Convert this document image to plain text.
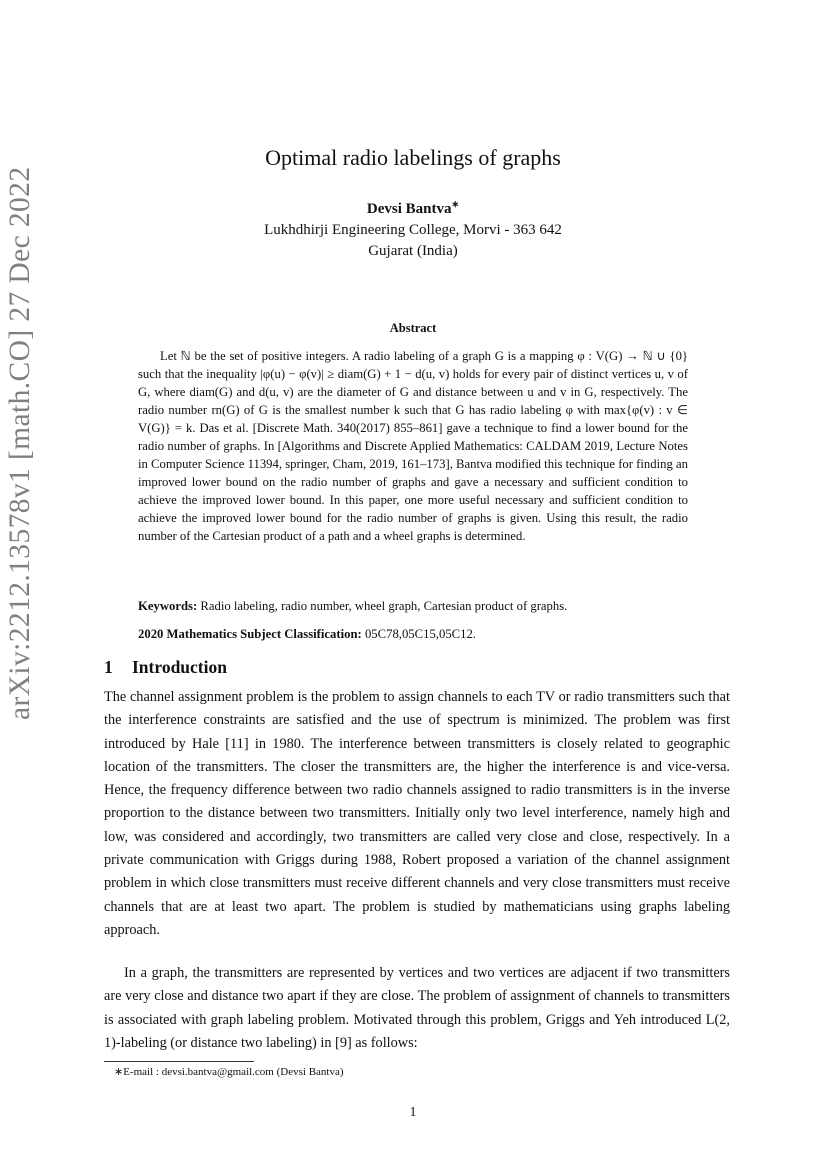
arXiv:2212.13578v1 [math.CO] 27 Dec 2022
Optimal radio labelings of graphs
Devsi Bantva∗
Lukhdhirji Engineering College, Morvi - 363 642
Gujarat (India)
Abstract
Let ℕ be the set of positive integers. A radio labeling of a graph G is a mapping φ : V(G) → ℕ ∪ {0} such that the inequality |φ(u) − φ(v)| ≥ diam(G) + 1 − d(u, v) holds for every pair of distinct vertices u, v of G, where diam(G) and d(u, v) are the diameter of G and distance between u and v in G, respectively. The radio number rn(G) of G is the smallest number k such that G has radio labeling φ with max{φ(v) : v ∈ V(G)} = k. Das et al. [Discrete Math. 340(2017) 855–861] gave a technique to find a lower bound for the radio number of graphs. In [Algorithms and Discrete Applied Mathematics: CALDAM 2019, Lecture Notes in Computer Science 11394, springer, Cham, 2019, 161–173], Bantva modified this technique for finding an improved lower bound on the radio number of graphs and gave a necessary and sufficient condition to achieve the improved lower bound. In this paper, one more useful necessary and sufficient condition to achieve the improved lower bound for the radio number of graphs is given. Using this result, the radio number of the Cartesian product of a path and a wheel graphs is determined.
Keywords: Radio labeling, radio number, wheel graph, Cartesian product of graphs.
2020 Mathematics Subject Classification: 05C78,05C15,05C12.
1 Introduction
The channel assignment problem is the problem to assign channels to each TV or radio transmitters such that the interference constraints are satisfied and the use of spectrum is minimized. The problem was first introduced by Hale [11] in 1980. The interference between transmitters is closely related to geographic location of the transmitters. The closer the transmitters are, the higher the interference is and vice-versa. Hence, the frequency difference between two radio channels assigned to radio transmitters is in the inverse proportion to the distance between two transmitters. Initially only two level interference, namely high and low, was considered and accordingly, two transmitters are called very close and close, respectively. In a private communication with Griggs during 1988, Robert proposed a variation of the channel assignment problem in which close transmitters must receive different channels and very close transmitters must receive channels that are at least two apart. The problem is studied by mathematicians using graphs labeling approach.
In a graph, the transmitters are represented by vertices and two vertices are adjacent if two transmitters are very close and distance two apart if they are close. The problem of assignment of channels to transmitters is associated with graph labeling problem. Motivated through this problem, Griggs and Yeh introduced L(2, 1)-labeling (or distance two labeling) in [9] as follows:
∗E-mail : devsi.bantva@gmail.com (Devsi Bantva)
1
